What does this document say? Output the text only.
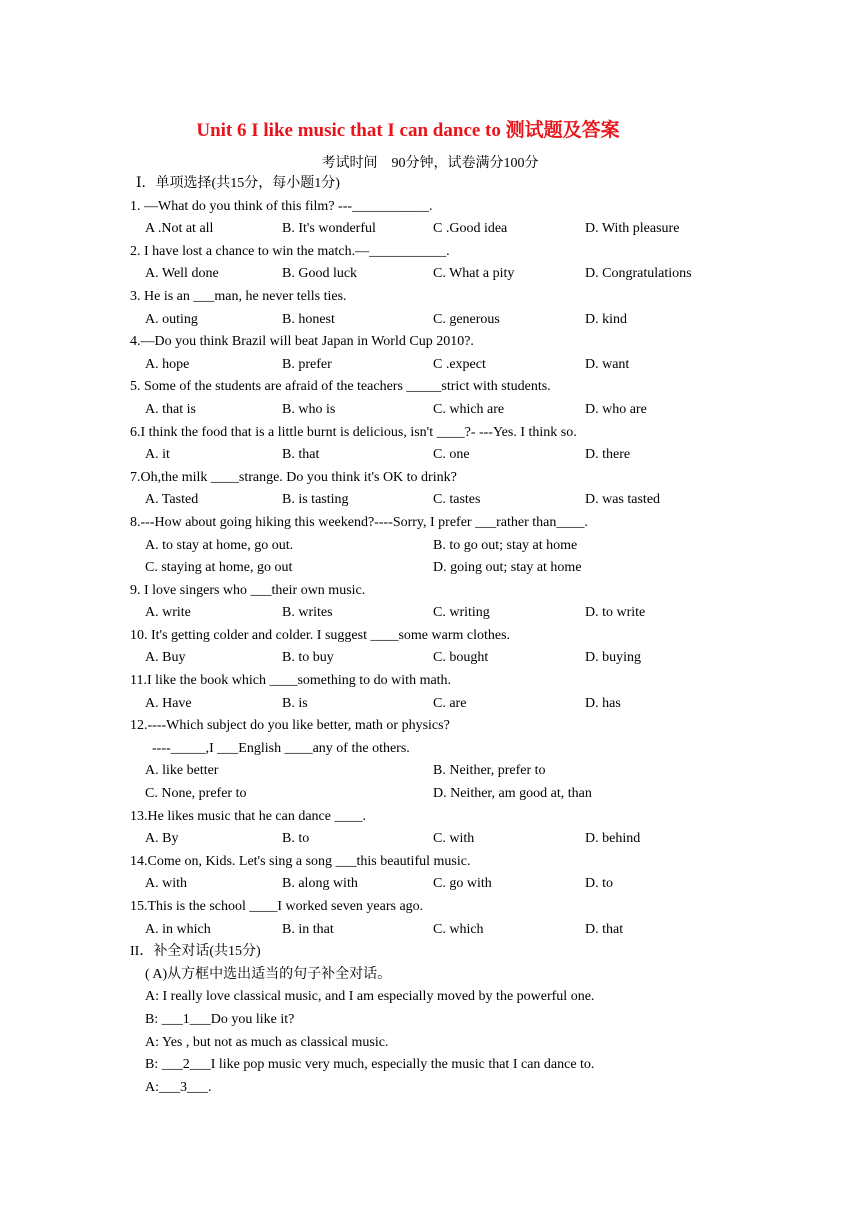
Unit 6 I like music that I can dance to 测试题及答案
考试时间　90分钟，试卷满分100分
Ⅰ．单项选择(共15分，每小题1分)
1. —What do you think of this film? ---___________.
A .Not at all	B. It's wonderful	C .Good idea	D. With pleasure
2. I have lost a chance to win the match.—___________.
A. Well done	B. Good luck	C. What a pity	D. Congratulations
3. He is an ___man, he never tells ties.
A. outing	B. honest	C. generous	D. kind
4.—Do you think Brazil will beat Japan in World Cup 2010?.
A. hope	B. prefer	C .expect	D. want
5. Some of the students are afraid of the teachers _____strict with students.
A. that is	B. who is	C. which are	D. who are
6.I think the food that is a little burnt is delicious, isn't ____?- ---Yes. I think so.
A. it	B. that	C. one	D. there
7.Oh,the milk ____strange. Do you think it's OK to drink?
A. Tasted	B. is tasting	C. tastes	D. was tasted
8.---How about going hiking this weekend?----Sorry, I prefer ___rather than____.
A. to stay at home, go out.	B. to go out; stay at home
C. staying at home, go out	D. going out; stay at home
9. I love singers who ___their own music.
A. write	B. writes	C. writing	D. to write
10. It's getting colder and colder. I suggest ____some warm clothes.
A. Buy	B. to buy	C. bought	D. buying
11.I like the book which ____something to do with math.
A. Have	B. is	C. are	D. has
12.----Which subject do you like better, math or physics?
----_____,I ___English ____any of the others.
A. like better	B. Neither, prefer to
C. None, prefer to	D. Neither, am good at, than
13.He likes music that he can dance ____.
A. By	B. to	C. with	D. behind
14.Come on, Kids. Let's sing a song ___this beautiful music.
A. with	B. along with	C. go with	D. to
15.This is the school ____I worked seven years ago.
A. in which	B. in that	C. which	D. that
II．补全对话(共15分)
( A)从方框中选出适当的句子补全对话。
A: I really love classical music, and I am especially moved by the powerful one.
B: ___1___Do you like it?
A: Yes , but not as much as classical music.
B: ___2___I like pop music very much, especially the music that I can dance to.
A:___3___.
